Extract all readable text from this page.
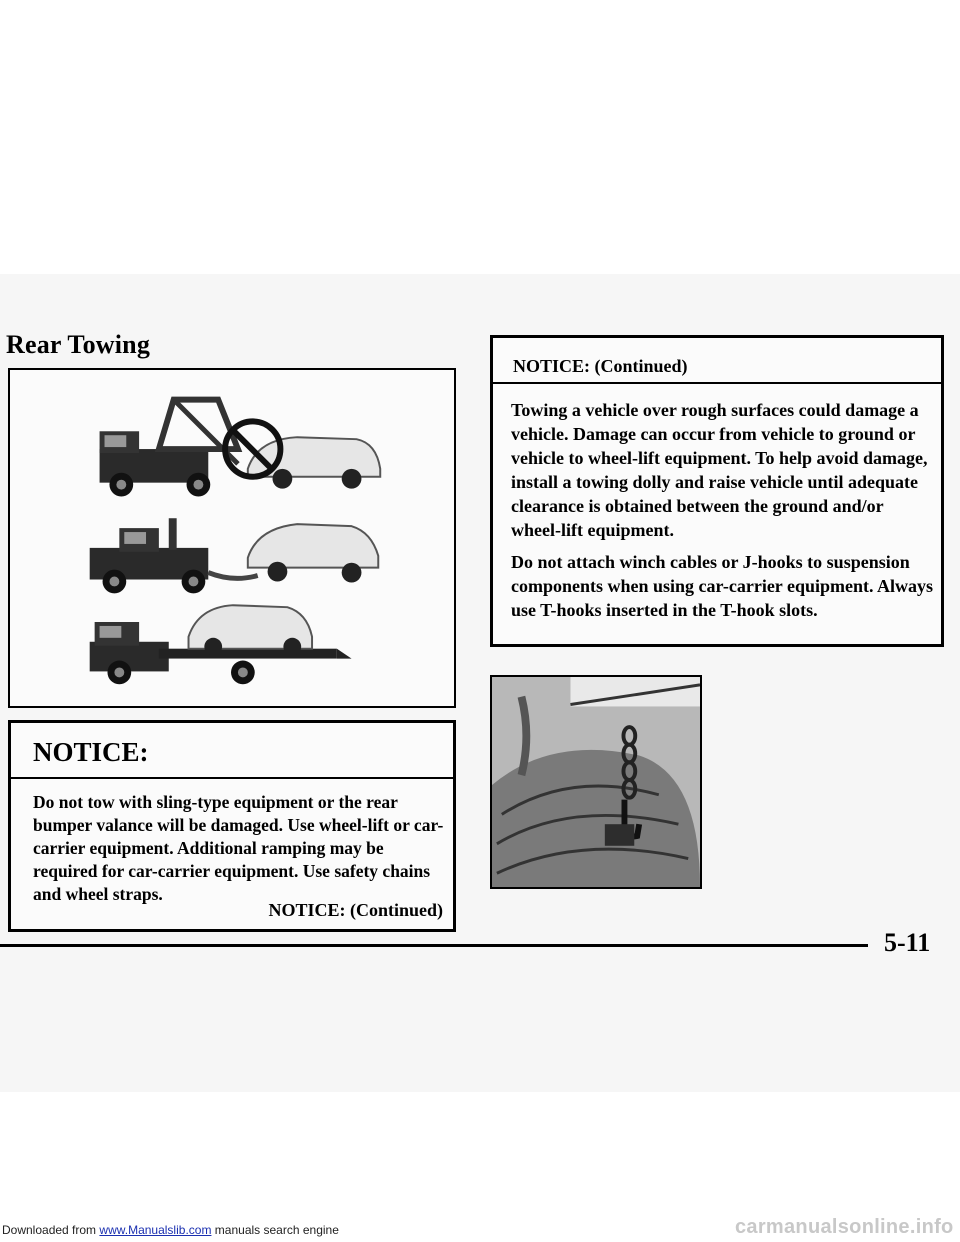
Rear Towing
NOTICE:
Do not tow with sling-type equipment or the rear bumper valance will be damaged. Use wheel-lift or car-carrier equipment. Additional ramping may be required for car-carrier equipment. Use safety chains and wheel straps.
NOTICE: (Continued)
NOTICE: (Continued)

Towing a vehicle over rough surfaces could damage a vehicle. Damage can occur from vehicle to ground or vehicle to wheel-lift equipment. To help avoid damage, install a towing dolly and raise vehicle until adequate clearance is obtained between the ground and/or wheel-lift equipment.

Do not attach winch cables or J-hooks to suspension components when using car-carrier equipment. Always use T-hooks inserted in the T-hook slots.

5-11
Downloaded from www.Manualslib.com manuals search engine	carmanualsonline.info
